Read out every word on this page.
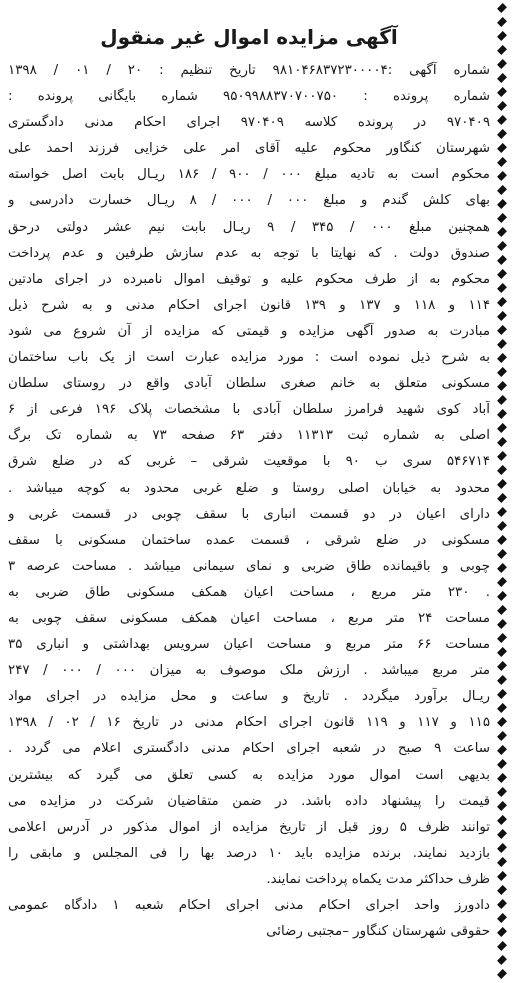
آگهی مزایده اموال غیر منقول

شماره آگهی :۹۸۱۰۴۶۸۳۷۲۳۰۰۰۰۴ تاریخ تنظیم : ۲۰ / ۰۱ / ۱۳۹۸

شماره پرونده : ۹۵۰۹۹۸۸۳۷۰۷۰۰۷۵۰ شماره بایگانی پرونده :

۹۷۰۴۰۹ در پرونده کلاسه ۹۷۰۴۰۹ اجرای احکام مدنی دادگستری

شهرستان کنگاور محکوم علیه آقای امر علی خزایی فرزند احمد علی

محکوم است به تادیه مبلغ ۰۰۰ / ۹۰۰ / ۱۸۶ ریـال بابت اصل خواسته

بهای کلش گندم و مبلغ ۰۰۰ / ۰۰۰ / ۸ ریـال خسارت دادرسی و

همچنین مبلغ ۰۰۰ / ۳۴۵ / ۹ ریـال بابت نیم عشر دولتی درحق

صندوق دولت . که نهایتا با توجه به عدم سازش طرفین و عدم پرداخت

محکوم به از طرف محکوم علیه و توقیف اموال نامبرده در اجرای مادتین

۱۱۴ و ۱۱۸ و ۱۳۷ و ۱۳۹ قانون اجرای احکام مدنی و به شرح ذیل

مبادرت به صدور آگهی مزایده و قیمتی که مزایده از آن شروع می شود

به شرح ذیل نموده است : مورد مزایده عبارت است از یک باب ساختمان

مسکونی متعلق به خانم صغری سلطان آبادی واقع در روستای سلطان

آباد کوی شهید فرامرز سلطان آبادی با مشخصات پلاک ۱۹۶ فرعی از ۶

اصلی به شماره ثبت ۱۱۳۱۳ دفتر ۶۳ صفحه ۷۳ به شماره تک برگ

۵۴۶۷۱۴ سری ب ۹۰ با موقعیت شرقی – غربی که در ضلع شرق

محدود به خیابان اصلی روستا و ضلع غربی محدود به کوچه میباشد .

دارای اعیان در دو قسمت انباری با سقف چوبی در قسمت غربی و

مسکونی در ضلع شرقی ، قسمت عمده ساختمان مسکونی با سقف

چوبی و باقیمانده طاق ضربی و نمای سیمانی میباشد . مساحت عرصه ۳

. ۲۳۰ متر مربع ، مساحت اعیان همکف مسکونی طاق ضربی به

مساحت ۲۴ متر مربع ، مساحت اعیان همکف مسکونی سقف چوبی به

مساحت ۶۶ متر مربع و مساحت اعیان سرویس بهداشتی و انباری ۳۵

متر مربع میباشد . ارزش ملک موصوف به میزان ۰۰۰ / ۰۰۰ / ۲۴۷

ریـال برآورد میگردد . تاریخ و ساعت و محل مزایده در اجرای مواد

۱۱۵ و ۱۱۷ و ۱۱۹ قانون اجرای احکام مدنی در تاریخ ۱۶ / ۰۲ / ۱۳۹۸

ساعت ۹ صبح در شعبه اجرای احکام مدنی دادگستری اعلام می گردد .

بدیهی است اموال مورد مزایده به کسی تعلق می گیرد که بیشترین

قیمت را پیشنهاد داده باشد. در ضمن متقاضیان شرکت در مزایده می

توانند ظرف ۵ روز قبل از تاریخ مزایده از اموال مذکور در آدرس اعلامی

بازدید نمایند. برنده مزایده باید ۱۰ درصد بها را فی المجلس و مابقی را

ظرف حداکثر مدت یکماه پرداخت نمایند.

دادورز واحد اجرای احکام مدنی اجرای احکام شعبه ۱ دادگاه عمومی

حقوقی شهرستان کنگاور –مجتبی رضائی
